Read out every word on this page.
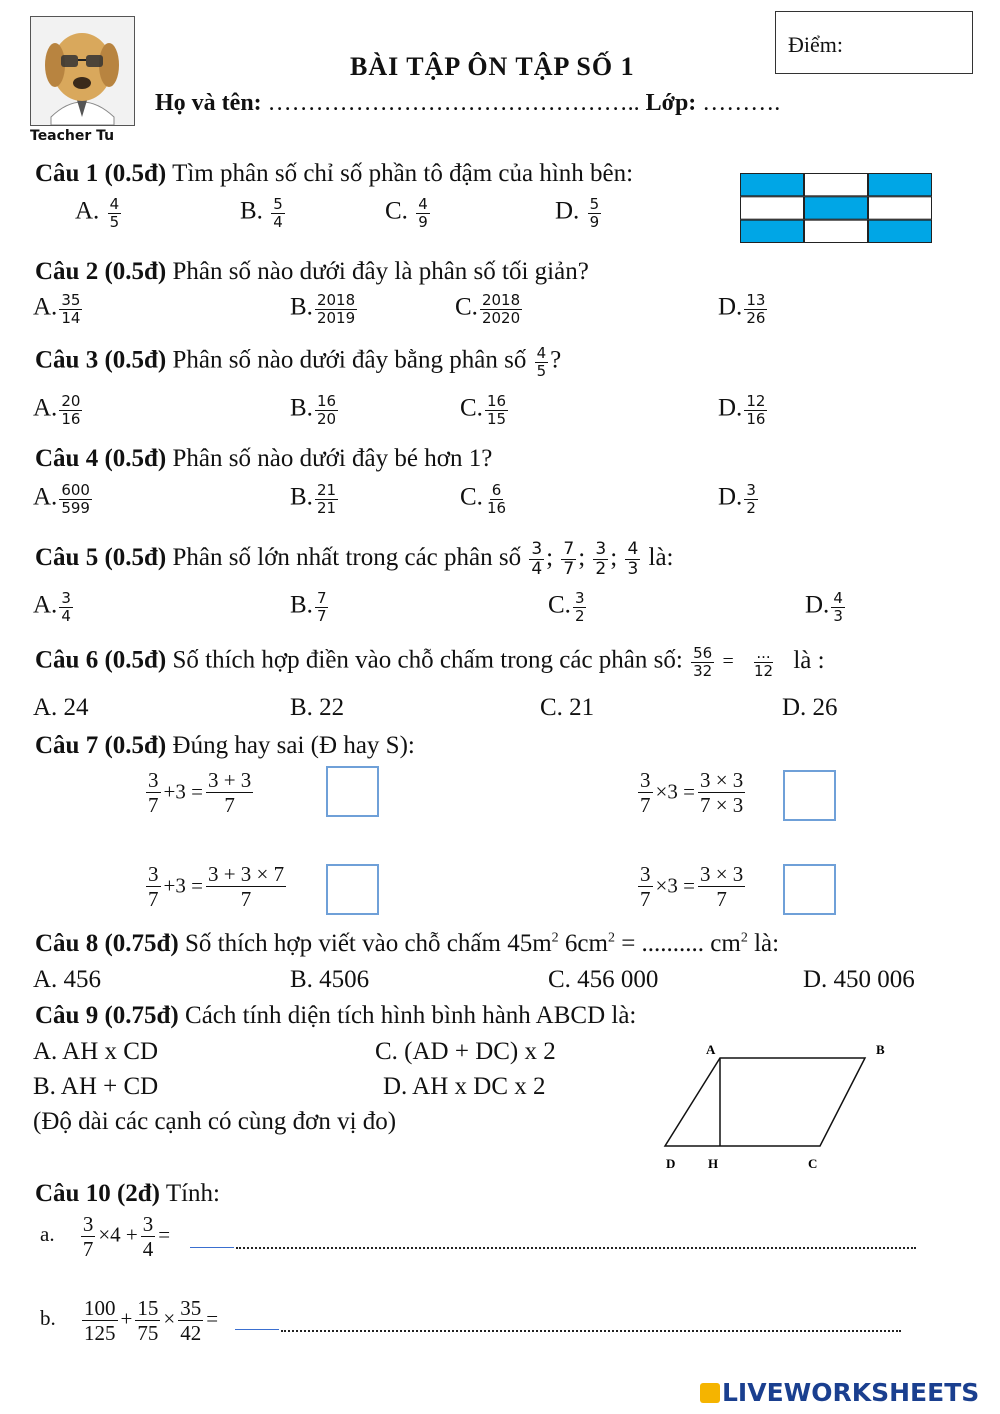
Teacher Tu
BÀI TẬP ÔN TẬP SỐ 1
Điểm:
Họ và tên: ……………………………………….. Lớp: ……….
Câu 1 (0.5đ) Tìm phân số chỉ số phần tô đậm của hình bên:
A. $\frac{4}{5}$	B. $\frac{5}{4}$	C. $\frac{4}{9}$	D. $\frac{5}{9}$
Câu 2 (0.5đ) Phân số nào dưới đây là phân số tối giản?
A. $\frac{35}{14}$	B. $\frac{2018}{2019}$	C. $\frac{2018}{2020}$	D. $\frac{13}{26}$
Câu 3 (0.5đ) Phân số nào dưới đây bằng phân số $\frac{4}{5}$ ?
A. $\frac{20}{16}$	B. $\frac{16}{20}$	C. $\frac{16}{15}$	D. $\frac{12}{16}$
Câu 4 (0.5đ) Phân số nào dưới đây bé hơn 1?
A. $\frac{600}{599}$	B. $\frac{21}{21}$	C. $\frac{6}{16}$	D. $\frac{3}{2}$
Câu 5 (0.5đ) Phân số lớn nhất trong các phân số $\frac{3}{4}$ ; $\frac{7}{7}$ ; $\frac{3}{2}$ ; $\frac{4}{3}$ là:
A. $\frac{3}{4}$	B. $\frac{7}{7}$	C. $\frac{3}{2}$	D. $\frac{4}{3}$
Câu 6 (0.5đ) Số thích hợp điền vào chỗ chấm trong các phân số: $\frac{56}{32} = \frac{...}{12}$ là :
A. 24	B. 22	C. 21	D. 26
Câu 7 (0.5đ) Đúng hay sai (Đ hay S):
$\frac{3}{7} +3 = \frac{3 + 3}{7}$	$\frac{3}{7} \times 3 = \frac{3 \times 3}{7 \times 3}$
$\frac{3}{7} +3 = \frac{3 + 3 \times 7}{7}$	$\frac{3}{7} \times 3 = \frac{3 \times 3}{7}$
Câu 8 (0.75đ) Số thích hợp viết vào chỗ chấm $45m^2$ $6cm^2$ = .......... $cm^2$ là:
A. 456	B. 4506	C. 456 000	D. 450 006
Câu 9 (0.75đ) Cách tính diện tích hình bình hành ABCD là:
A. AH x CD	C. (AD + DC) x 2
B. AH + CD	D. AH x DC x 2
(Độ dài các cạnh có cùng đơn vị đo)
A	B
C
D	H
Câu 10 (2đ) Tính:
a. $\frac{3}{7} \times 4 + \frac{3}{4}$ =
b. $\frac{100}{125} + \frac{15}{75} \times \frac{35}{42}$ =
LIVEWORKSHEETS
